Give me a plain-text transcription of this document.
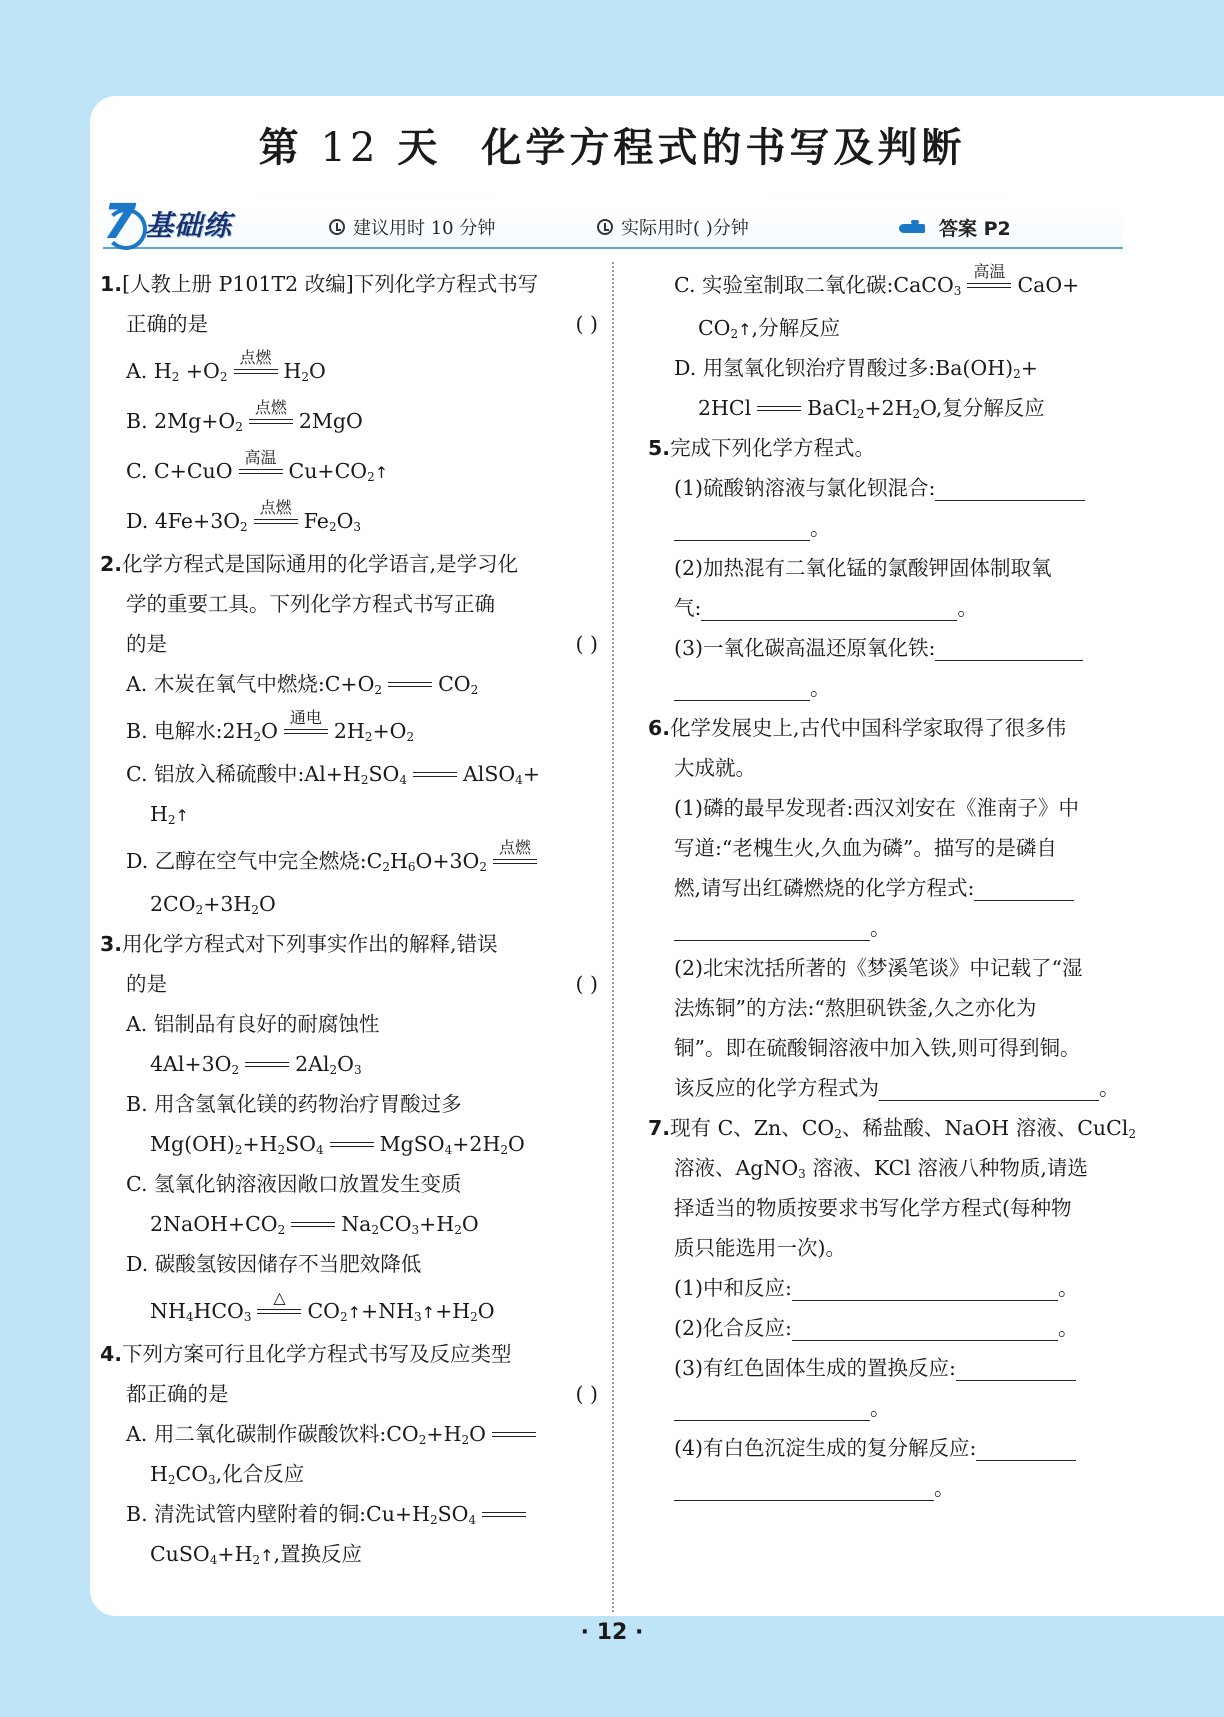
第 12 天 化学方程式的书写及判断
7 基础练	建议用时 10 分钟	实际用时( )分钟	答案 P2
1.[人教上册 P101T2 改编]下列化学方程式书写
正确的是	( )
A. $H_2 +O_2$
点燃
$H_2O$
B. $2Mg+O_2$
点燃
2MgO
C. C+CuO
高温
$Cu+CO_2↑$
D. $4Fe+3O_2$
点燃
$Fe_2O_3$
2.化学方程式是国际通用的化学语言,是学习化
学的重要工具。下列化学方程式书写正确
的是	( )
A. 木炭在氧气中燃烧$:C+O_2$	$CO_2$
B. 电解水$:2H_2O$
通电
$2H_2+O_2$
C. 铝放入稀硫酸中$:Al+H_2SO_4$	AlSO$_4$+
$H_2↑$
D. 乙醇在空气中完全燃烧$:C_2H_6O+3O_2$
点燃
$2CO_2+3H_2O$
3.用化学方程式对下列事实作出的解释,错误
的是	( )
A. 铝制品有良好的耐腐蚀性
$4Al+3O_2$	$2Al_2O_3$
B. 用含氢氧化镁的药物治疗胃酸过多
$Mg(OH)_2+H_2SO_4$	$MgSO_4+2H_2O$
C. 氢氧化钠溶液因敞口放置发生变质
$2NaOH+CO_2$	$Na_2CO_3+H_2O$
D. 碳酸氢铵因储存不当肥效降低
$NH_4HCO_3$
△
$CO_2↑+NH_3↑+H_2O$
4.下列方案可行且化学方程式书写及反应类型
都正确的是	( )
A. 用二氧化碳制作碳酸饮料$:CO_2+H_2O$
$H_2CO_3$,化合反应
B. 清洗试管内壁附着的铜$:Cu+H_2SO_4$
$CuSO_4+H_2↑$,置换反应
C. 实验室制取二氧化碳:CaCO$_3$
高温
CaO+
$CO_2↑$,分解反应
D. 用氢氧化钡治疗胃酸过多$:Ba(OH)_2+$
2HCl	$BaCl_2+2H_2O$,复分解反应
5.完成下列化学方程式。
(1)硫酸钠溶液与氯化钡混合:
。
(2)加热混有二氧化锰的氯酸钾固体制取氧
气:	。
(3)一氧化碳高温还原氧化铁:
。
6.化学发展史上,古代中国科学家取得了很多伟
大成就。
(1)磷的最早发现者:西汉刘安在《淮南子》中
写道:“老槐生火,久血为磷”。描写的是磷自
燃,请写出红磷燃烧的化学方程式:
。
(2)北宋沈括所著的《梦溪笔谈》中记载了“湿
法炼铜”的方法:“熬胆矾铁釜,久之亦化为
铜”。即在硫酸铜溶液中加入铁,则可得到铜。
该反应的化学方程式为	。
7.现有 C、Zn、$CO_2$、稀盐酸、NaOH 溶液、CuCl$_2$
溶液、AgNO$_3$ 溶液、KCl 溶液八种物质,请选
择适当的物质按要求书写化学方程式(每种物
质只能选用一次)。
(1)中和反应:	。
(2)化合反应:	。
(3)有红色固体生成的置换反应:
。
(4)有白色沉淀生成的复分解反应:
。
· 12 ·
